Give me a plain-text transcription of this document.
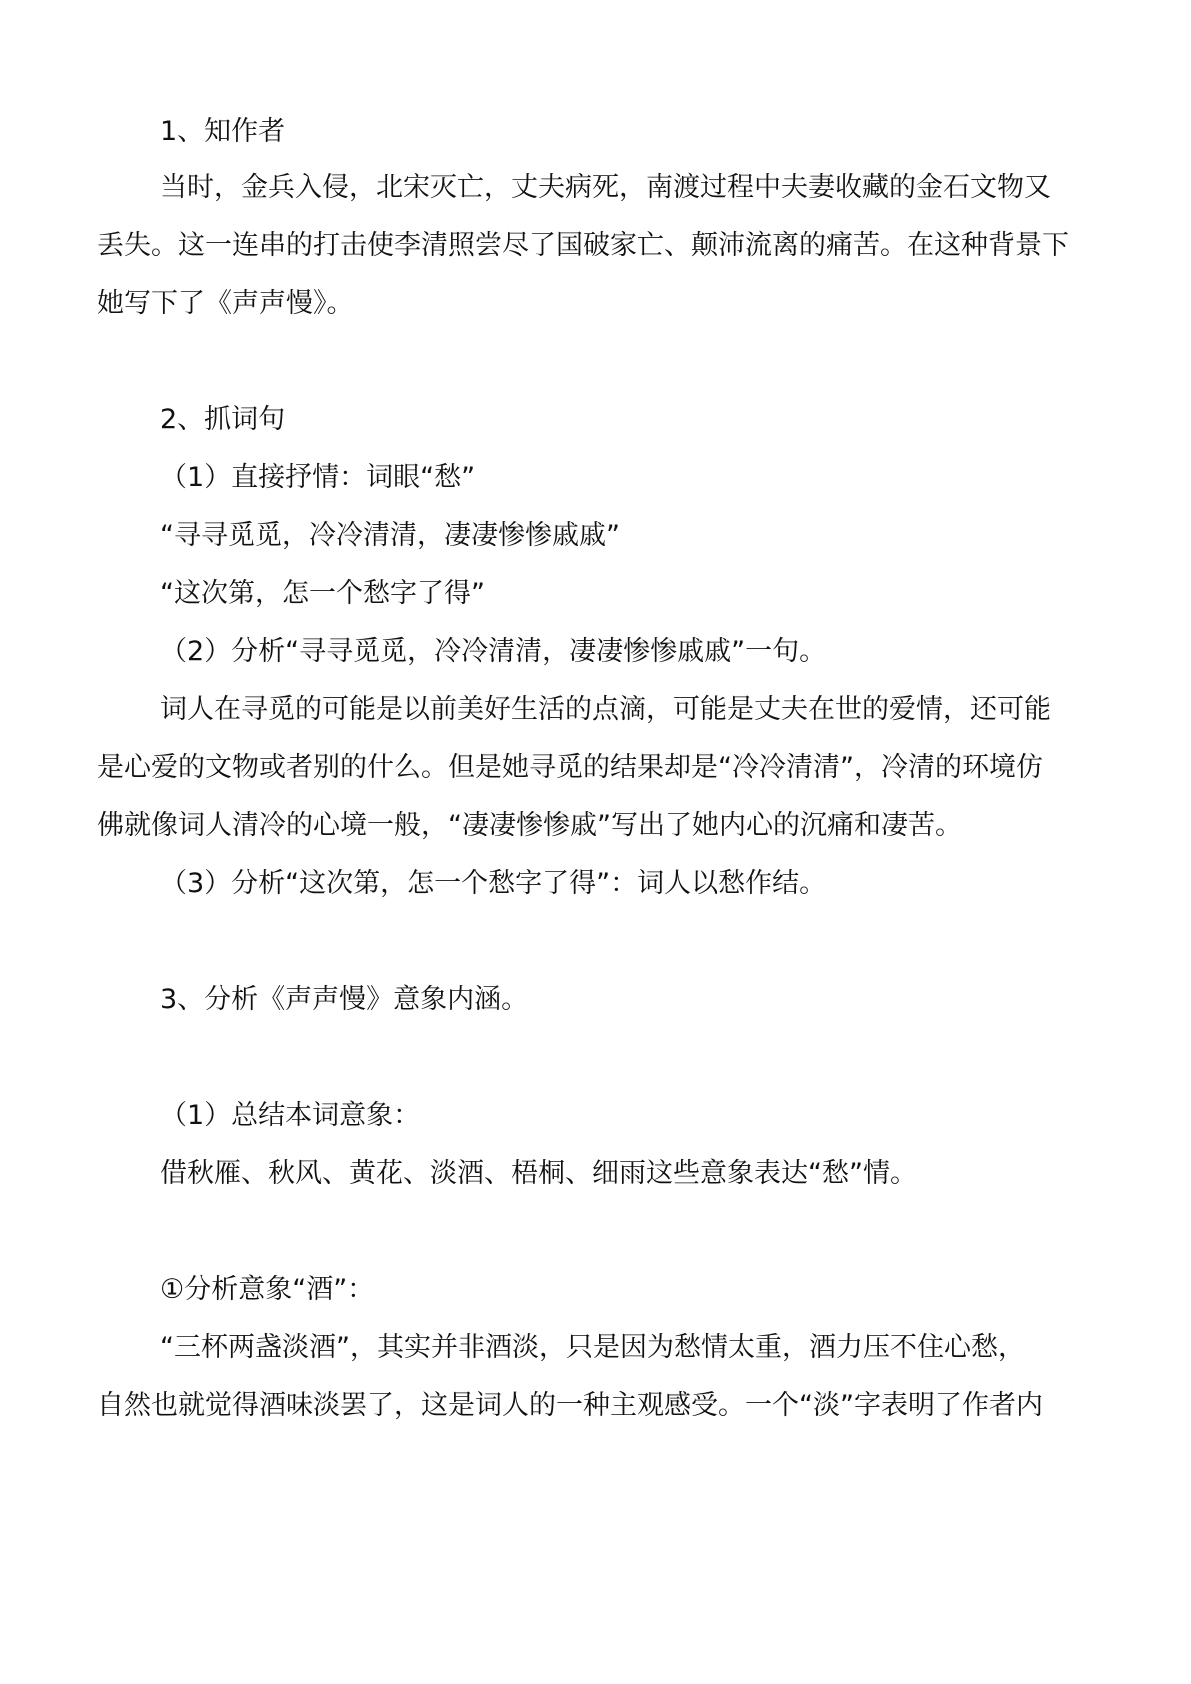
1、知作者
当时，金兵入侵，北宋灭亡，丈夫病死，南渡过程中夫妻收藏的金石文物又
丢失。这一连串的打击使李清照尝尽了国破家亡、颠沛流离的痛苦。在这种背景下
她写下了《声声慢》。
2、抓词句
（1）直接抒情：词眼“愁”
“寻寻觅觅，冷冷清清，凄凄惨惨戚戚”
“这次第，怎一个愁字了得”
（2）分析“寻寻觅觅，冷冷清清，凄凄惨惨戚戚”一句。
词人在寻觅的可能是以前美好生活的点滴，可能是丈夫在世的爱情，还可能
是心爱的文物或者别的什么。但是她寻觅的结果却是“冷冷清清”，冷清的环境仿
佛就像词人清冷的心境一般，“凄凄惨惨戚”写出了她内心的沉痛和凄苦。
（3）分析“这次第，怎一个愁字了得”：词人以愁作结。
3、分析《声声慢》意象内涵。
（1）总结本词意象：
借秋雁、秋风、黄花、淡酒、梧桐、细雨这些意象表达“愁”情。
①分析意象“酒”：
“三杯两盏淡酒”，其实并非酒淡，只是因为愁情太重，酒力压不住心愁，
自然也就觉得酒味淡罢了，这是词人的一种主观感受。一个“淡”字表明了作者内
